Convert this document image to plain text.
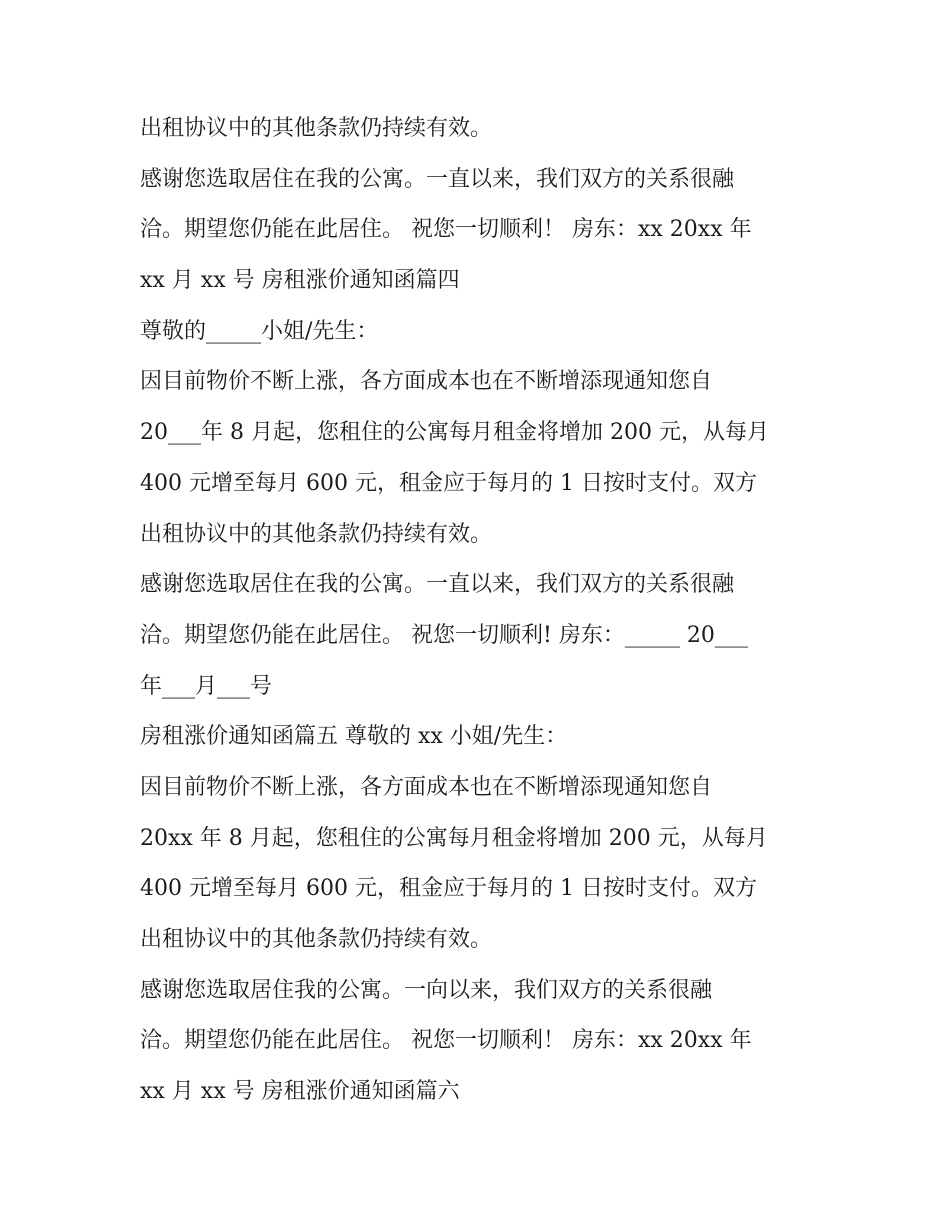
出租协议中的其他条款仍持续有效。

感谢您选取居住在我的公寓。一直以来，我们双方的关系很融

洽。期望您仍能在此居住。 祝您一切顺利！ 房东：xx 20xx 年

xx 月 xx 号 房租涨价通知函篇四

尊敬的_____小姐/先生：

因目前物价不断上涨，各方面成本也在不断增添现通知您自

20___年 8 月起，您租住的公寓每月租金将增加 200 元，从每月

400 元增至每月 600 元，租金应于每月的 1 日按时支付。双方

出租协议中的其他条款仍持续有效。

感谢您选取居住在我的公寓。一直以来，我们双方的关系很融

洽。期望您仍能在此居住。 祝您一切顺利! 房东：_____ 20___

年___月___号

房租涨价通知函篇五 尊敬的 xx 小姐/先生：

因目前物价不断上涨，各方面成本也在不断增添现通知您自

20xx 年 8 月起，您租住的公寓每月租金将增加 200 元，从每月

400 元增至每月 600 元，租金应于每月的 1 日按时支付。双方

出租协议中的其他条款仍持续有效。

感谢您选取居住我的公寓。一向以来，我们双方的关系很融

洽。期望您仍能在此居住。 祝您一切顺利！ 房东：xx 20xx 年

xx 月 xx 号 房租涨价通知函篇六
